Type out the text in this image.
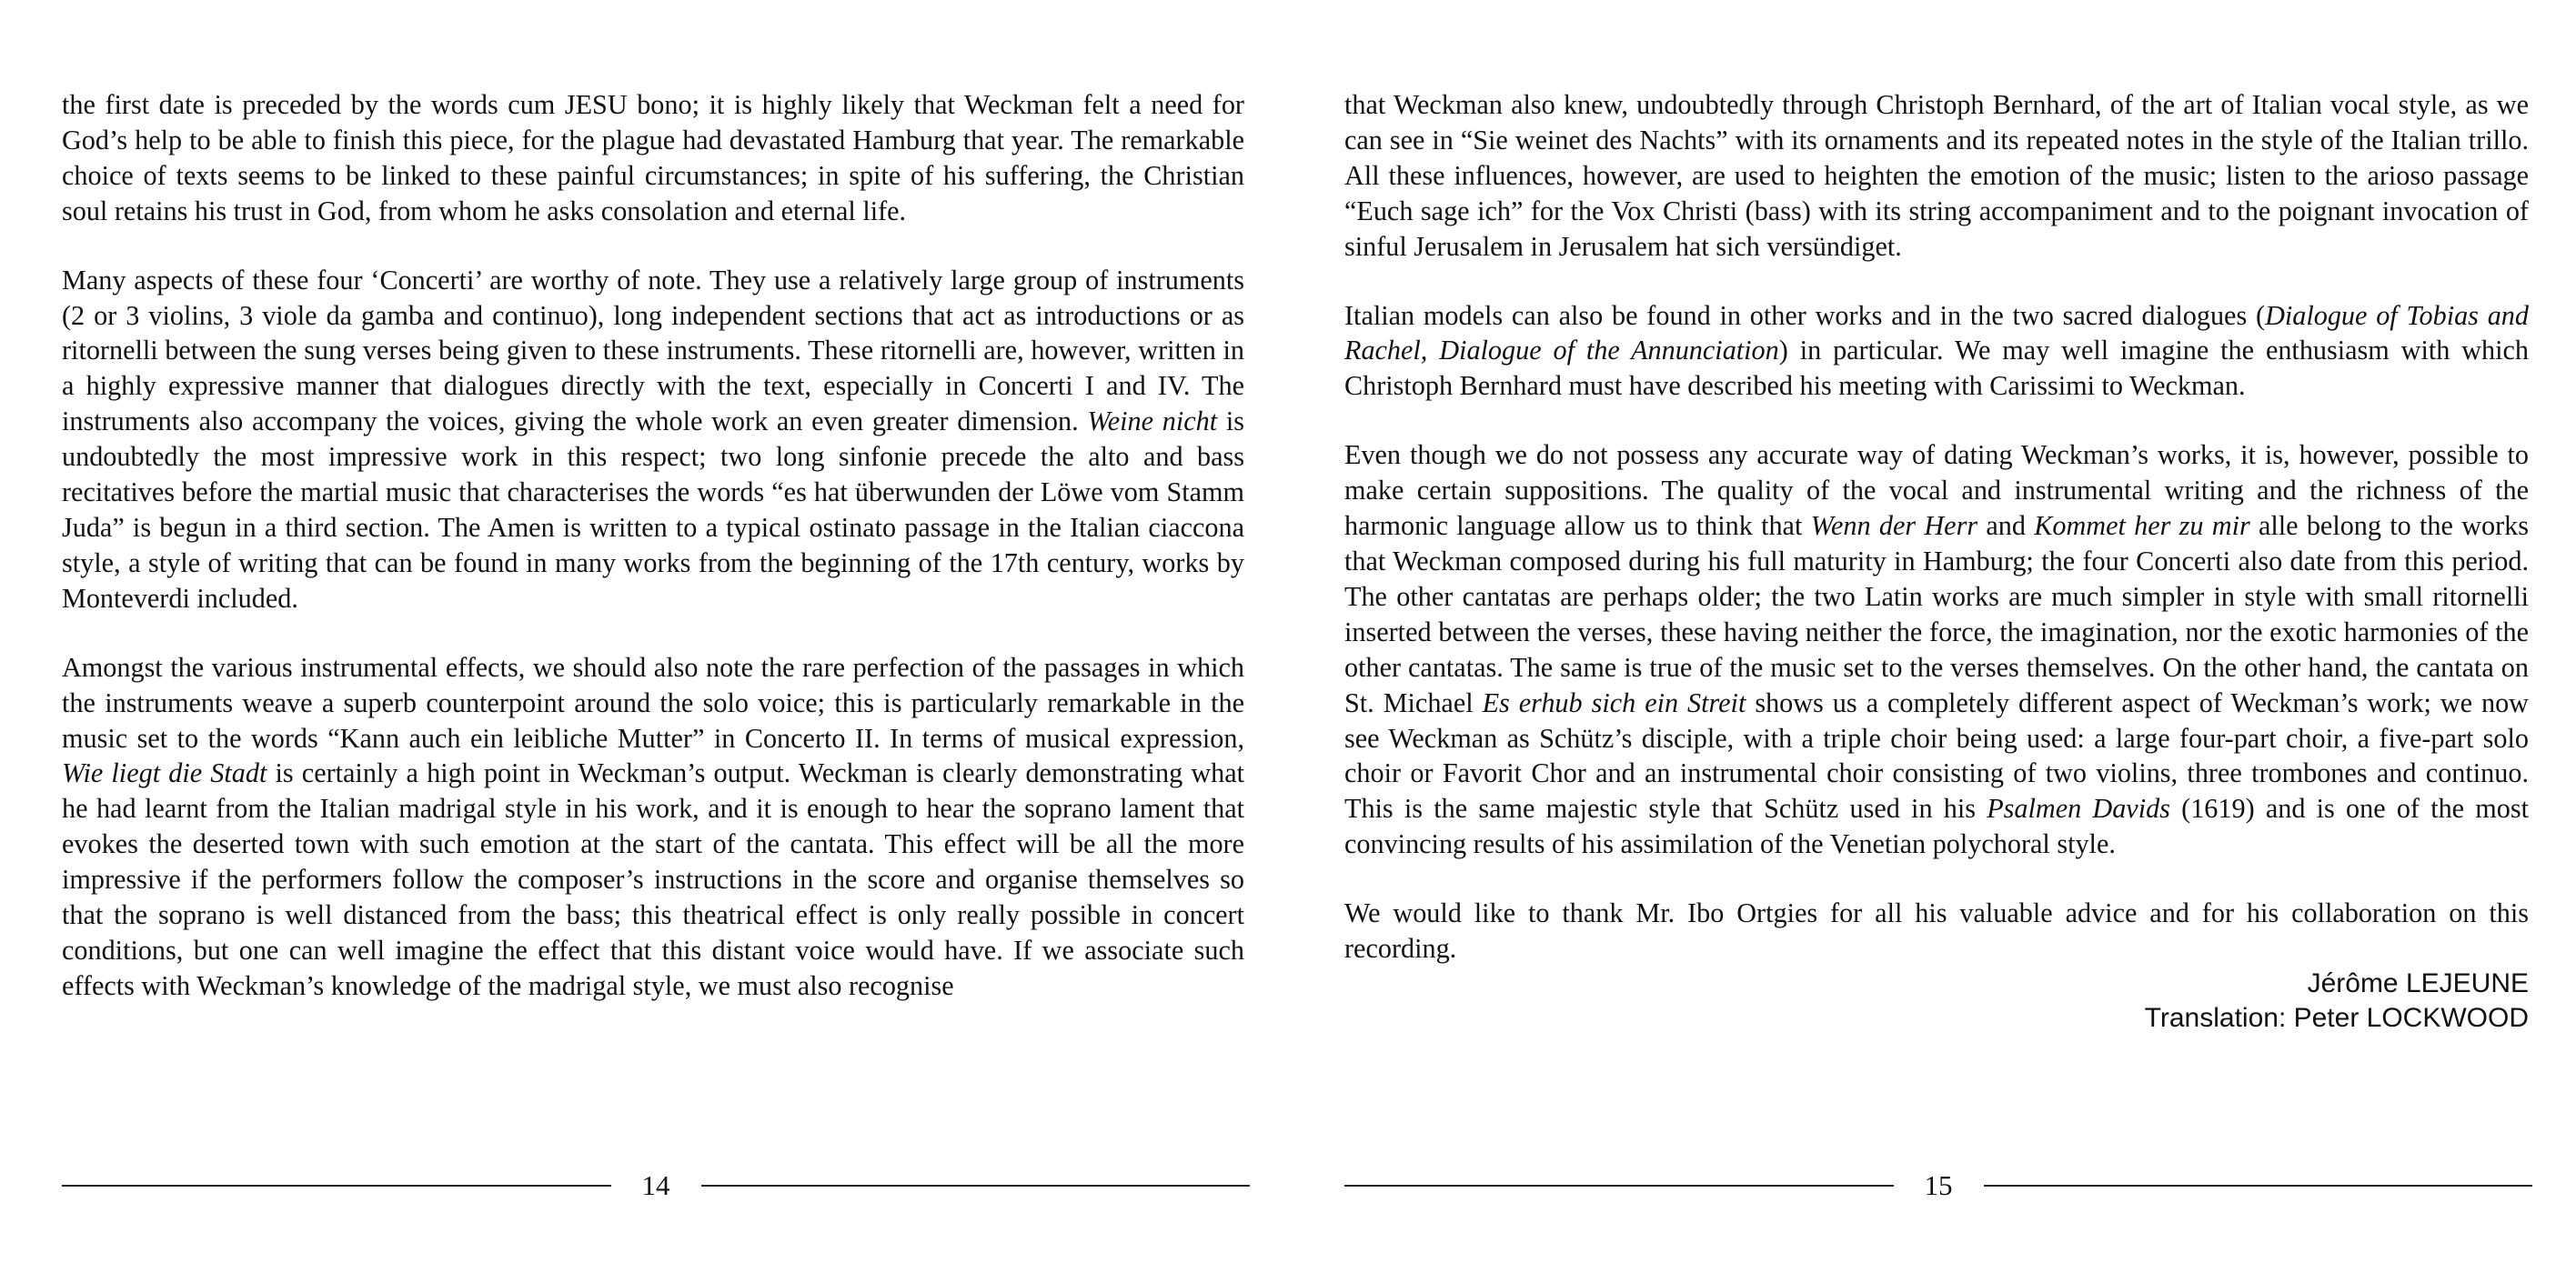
the first date is preceded by the words cum JESU bono; it is highly likely that Weckman felt a need for God’s help to be able to finish this piece, for the plague had devastated Hamburg that year. The remarkable choice of texts seems to be linked to these painful circumstances; in spite of his suffering, the Christian soul retains his trust in God, from whom he asks consolation and eternal life.

Many aspects of these four ‘Concerti’ are worthy of note. They use a relatively large group of instruments (2 or 3 violins, 3 viole da gamba and continuo), long independent sections that act as introductions or as ritornelli between the sung verses being given to these instruments. These ritornelli are, however, written in a highly expressive manner that dialogues directly with the text, especially in Concerti I and IV. The instruments also accompany the voices, giving the whole work an even greater dimension. Weine nicht is undoubtedly the most impressive work in this respect; two long sinfonie precede the alto and bass recitatives before the martial music that characterises the words “es hat überwunden der Löwe vom Stamm Juda” is begun in a third section. The Amen is written to a typical ostinato passage in the Italian ciaccona style, a style of writing that can be found in many works from the beginning of the 17th century, works by Monteverdi included.

Amongst the various instrumental effects, we should also note the rare perfection of the passages in which the instruments weave a superb counterpoint around the solo voice; this is particularly remarkable in the music set to the words “Kann auch ein leibliche Mutter” in Concerto II. In terms of musical expression, Wie liegt die Stadt is certainly a high point in Weckman’s output. Weckman is clearly demonstrating what he had learnt from the Italian madrigal style in his work, and it is enough to hear the soprano lament that evokes the deserted town with such emotion at the start of the cantata. This effect will be all the more impressive if the performers follow the composer’s instructions in the score and organise themselves so that the soprano is well distanced from the bass; this theatrical effect is only really possible in concert conditions, but one can well imagine the effect that this distant voice would have. If we associate such effects with Weckman’s knowledge of the madrigal style, we must also recognise

that Weckman also knew, undoubtedly through Christoph Bernhard, of the art of Italian vocal style, as we can see in “Sie weinet des Nachts” with its ornaments and its repeated notes in the style of the Italian trillo. All these influences, however, are used to heighten the emotion of the music; listen to the arioso passage “Euch sage ich” for the Vox Christi (bass) with its string accompaniment and to the poignant invocation of sinful Jerusalem in Jerusalem hat sich versündiget.

Italian models can also be found in other works and in the two sacred dialogues (Dialogue of Tobias and Rachel, Dialogue of the Annunciation) in particular. We may well imagine the enthusiasm with which Christoph Bernhard must have described his meeting with Carissimi to Weckman.

Even though we do not possess any accurate way of dating Weckman’s works, it is, however, possible to make certain suppositions. The quality of the vocal and instrumental writing and the richness of the harmonic language allow us to think that Wenn der Herr and Kommet her zu mir alle belong to the works that Weckman composed during his full maturity in Hamburg; the four Concerti also date from this period. The other cantatas are perhaps older; the two Latin works are much simpler in style with small ritornelli inserted between the verses, these having neither the force, the imagination, nor the exotic harmonies of the other cantatas. The same is true of the music set to the verses themselves. On the other hand, the cantata on St. Michael Es erhub sich ein Streit shows us a completely different aspect of Weckman’s work; we now see Weckman as Schütz’s disciple, with a triple choir being used: a large four-part choir, a five-part solo choir or Favorit Chor and an instrumental choir consisting of two violins, three trombones and continuo. This is the same majestic style that Schütz used in his Psalmen Davids (1619) and is one of the most convincing results of his assimilation of the Venetian polychoral style.

We would like to thank Mr. Ibo Ortgies for all his valuable advice and for his collaboration on this recording.

Jérôme LEJEUNE

Translation: Peter LOCKWOOD

14	15
